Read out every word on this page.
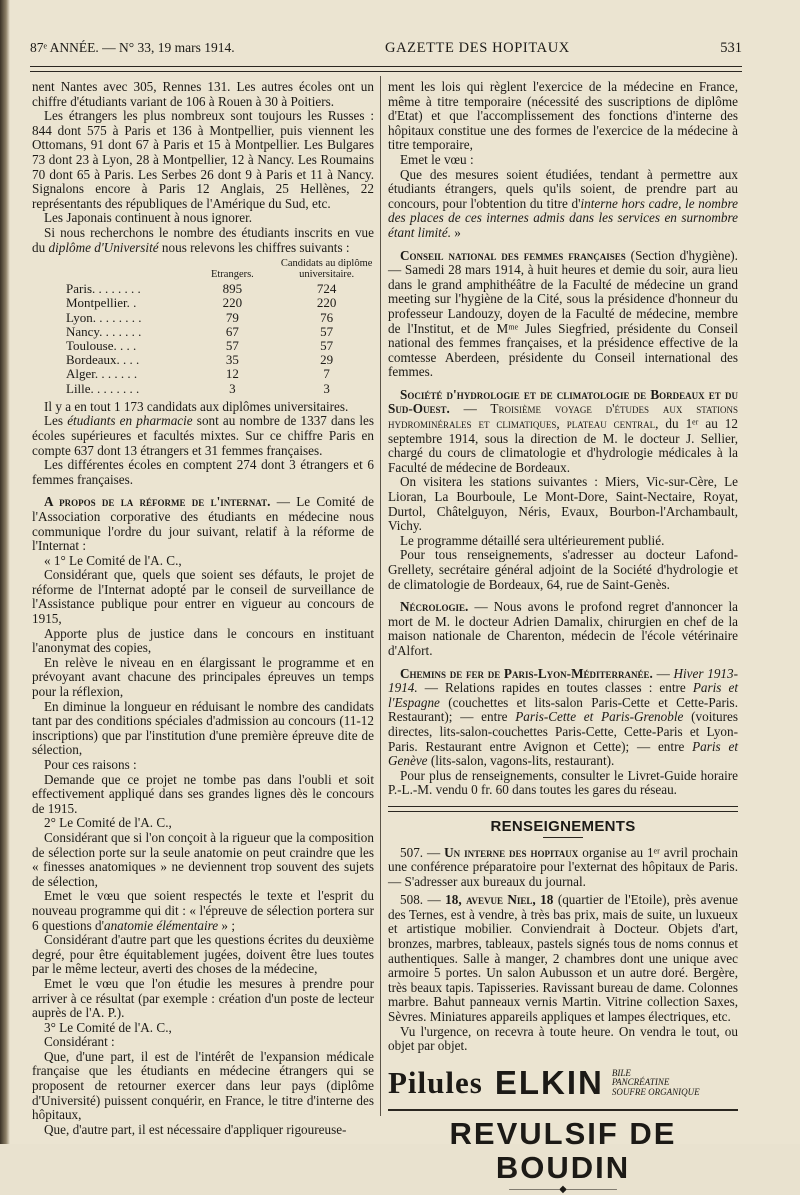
87ᵉ ANNÉE. — N° 33, 19 mars 1914.	GAZETTE DES HOPITAUX	531

nent Nantes avec 305, Rennes 131. Les autres écoles ont un chiffre d'étudiants variant de 106 à Rouen à 30 à Poitiers.

Les étrangers les plus nombreux sont toujours les Russes : 844 dont 575 à Paris et 136 à Montpellier, puis viennent les Ottomans, 91 dont 67 à Paris et 15 à Montpellier. Les Bulgares 73 dont 23 à Lyon, 28 à Montpellier, 12 à Nancy. Les Roumains 70 dont 65 à Paris. Les Serbes 26 dont 9 à Paris et 11 à Nancy. Signalons encore à Paris 12 Anglais, 25 Hellènes, 22 représentants des républiques de l'Amérique du Sud, etc.

Les Japonais continuent à nous ignorer.

Si nous recherchons le nombre des étudiants inscrits en vue du diplôme d'Université nous relevons les chiffres suivants :

	Etrangers.	Candidats au diplôme universitaire.
Paris. . . . . . . .	895	724
Montpellier. .	220	220
Lyon. . . . . . . .	79	76
Nancy. . . . . . .	67	57
Toulouse. . . .	57	57
Bordeaux. . . .	35	29
Alger. . . . . . .	12	7
Lille. . . . . . . .	3	3

Il y a en tout 1 173 candidats aux diplômes universitaires.

Les étudiants en pharmacie sont au nombre de 1337 dans les écoles supérieures et facultés mixtes. Sur ce chiffre Paris en compte 637 dont 13 étrangers et 31 femmes françaises.

Les différentes écoles en comptent 274 dont 3 étrangers et 6 femmes françaises.

A propos de la réforme de l'internat. — Le Comité de l'Association corporative des étudiants en médecine nous communique l'ordre du jour suivant, relatif à la réforme de l'Internat :

« 1° Le Comité de l'A. C.,

Considérant que, quels que soient ses défauts, le projet de réforme de l'Internat adopté par le conseil de surveillance de l'Assistance publique pour entrer en vigueur au concours de 1915,

Apporte plus de justice dans le concours en instituant l'anonymat des copies,

En relève le niveau en en élargissant le programme et en prévoyant avant chacune des principales épreuves un temps pour la réflexion,

En diminue la longueur en réduisant le nombre des candidats tant par des conditions spéciales d'admission au concours (11-12 inscriptions) que par l'institution d'une première épreuve dite de sélection,

Pour ces raisons :

Demande que ce projet ne tombe pas dans l'oubli et soit effectivement appliqué dans ses grandes lignes dès le concours de 1915.

2° Le Comité de l'A. C.,

Considérant que si l'on conçoit à la rigueur que la composition de sélection porte sur la seule anatomie on peut craindre que les « finesses anatomiques » ne deviennent trop souvent des sujets de sélection,

Emet le vœu que soient respectés le texte et l'esprit du nouveau programme qui dit : « l'épreuve de sélection portera sur 6 questions d'anatomie élémentaire » ;

Considérant d'autre part que les questions écrites du deuxième degré, pour être équitablement jugées, doivent être lues toutes par le même lecteur, averti des choses de la médecine,

Emet le vœu que l'on étudie les mesures à prendre pour arriver à ce résultat (par exemple : création d'un poste de lecteur auprès de l'A. P.).

3° Le Comité de l'A. C.,

Considérant :

Que, d'une part, il est de l'intérêt de l'expansion médicale française que les étudiants en médecine étrangers qui se proposent de retourner exercer dans leur pays (diplôme d'Université) puissent conquérir, en France, le titre d'interne des hôpitaux,

Que, d'autre part, il est nécessaire d'appliquer rigoureuse-

ment les lois qui règlent l'exercice de la médecine en France, même à titre temporaire (nécessité des suscriptions de diplôme d'Etat) et que l'accomplissement des fonctions d'interne des hôpitaux constitue une des formes de l'exercice de la médecine à titre temporaire,

Emet le vœu :

Que des mesures soient étudiées, tendant à permettre aux étudiants étrangers, quels qu'ils soient, de prendre part au concours, pour l'obtention du titre d'interne hors cadre, le nombre des places de ces internes admis dans les services en surnombre étant limité. »

Conseil national des femmes françaises (Section d'hygiène). — Samedi 28 mars 1914, à huit heures et demie du soir, aura lieu dans le grand amphithéâtre de la Faculté de médecine un grand meeting sur l'hygiène de la Cité, sous la présidence d'honneur du professeur Landouzy, doyen de la Faculté de médecine, membre de l'Institut, et de Mᵐᵉ Jules Siegfried, présidente du Conseil national des femmes françaises, et la présidence effective de la comtesse Aberdeen, présidente du Conseil international des femmes.

Société d'hydrologie et de climatologie de Bordeaux et du Sud-Ouest. — Troisième voyage d'études aux stations hydrominérales et climatiques, plateau central, du 1ᵉʳ au 12 septembre 1914, sous la direction de M. le docteur J. Sellier, chargé du cours de climatologie et d'hydrologie médicales à la Faculté de médecine de Bordeaux.

On visitera les stations suivantes : Miers, Vic-sur-Cère, Le Lioran, La Bourboule, Le Mont-Dore, Saint-Nectaire, Royat, Durtol, Châtelguyon, Néris, Evaux, Bourbon-l'Archambault, Vichy.

Le programme détaillé sera ultérieurement publié.

Pour tous renseignements, s'adresser au docteur Lafond-Grellety, secrétaire général adjoint de la Société d'hydrologie et de climatologie de Bordeaux, 64, rue de Saint-Genès.

Nécrologie. — Nous avons le profond regret d'annoncer la mort de M. le docteur Adrien Damalix, chirurgien en chef de la maison nationale de Charenton, médecin de l'école vétérinaire d'Alfort.

Chemins de fer de Paris-Lyon-Méditerranée. — Hiver 1913-1914. — Relations rapides en toutes classes : entre Paris et l'Espagne (couchettes et lits-salon Paris-Cette et Cette-Paris. Restaurant); — entre Paris-Cette et Paris-Grenoble (voitures directes, lits-salon-couchettes Paris-Cette, Cette-Paris et Lyon-Paris. Restaurant entre Avignon et Cette); — entre Paris et Genève (lits-salon, vagons-lits, restaurant).

Pour plus de renseignements, consulter le Livret-Guide horaire P.-L.-M. vendu 0 fr. 60 dans toutes les gares du réseau.

RENSEIGNEMENTS

507. — Un interne des hopitaux organise au 1ᵉʳ avril prochain une conférence préparatoire pour l'externat des hôpitaux de Paris. — S'adresser aux bureaux du journal.

508. — 18, avevue Niel, 18 (quartier de l'Etoile), près avenue des Ternes, est à vendre, à très bas prix, mais de suite, un luxueux et artistique mobilier. Conviendrait à Docteur. Objets d'art, bronzes, marbres, tableaux, pastels signés tous de noms connus et authentiques. Salle à manger, 2 chambres dont une unique avec armoire 5 portes. Un salon Aubusson et un autre doré. Bergère, très beaux tapis. Tapisseries. Ravissant bureau de dame. Colonnes marbre. Bahut panneaux vernis Martin. Vitrine collection Saxes, Sèvres. Miniatures appareils appliques et lampes électriques, etc.

Vu l'urgence, on recevra à toute heure. On vendra le tout, ou objet par objet.

Pilules ELKIN BILE
PANCRÉATINE
SOUFRE ORGANIQUE
REVULSIF DE BOUDIN
—————◆—————
